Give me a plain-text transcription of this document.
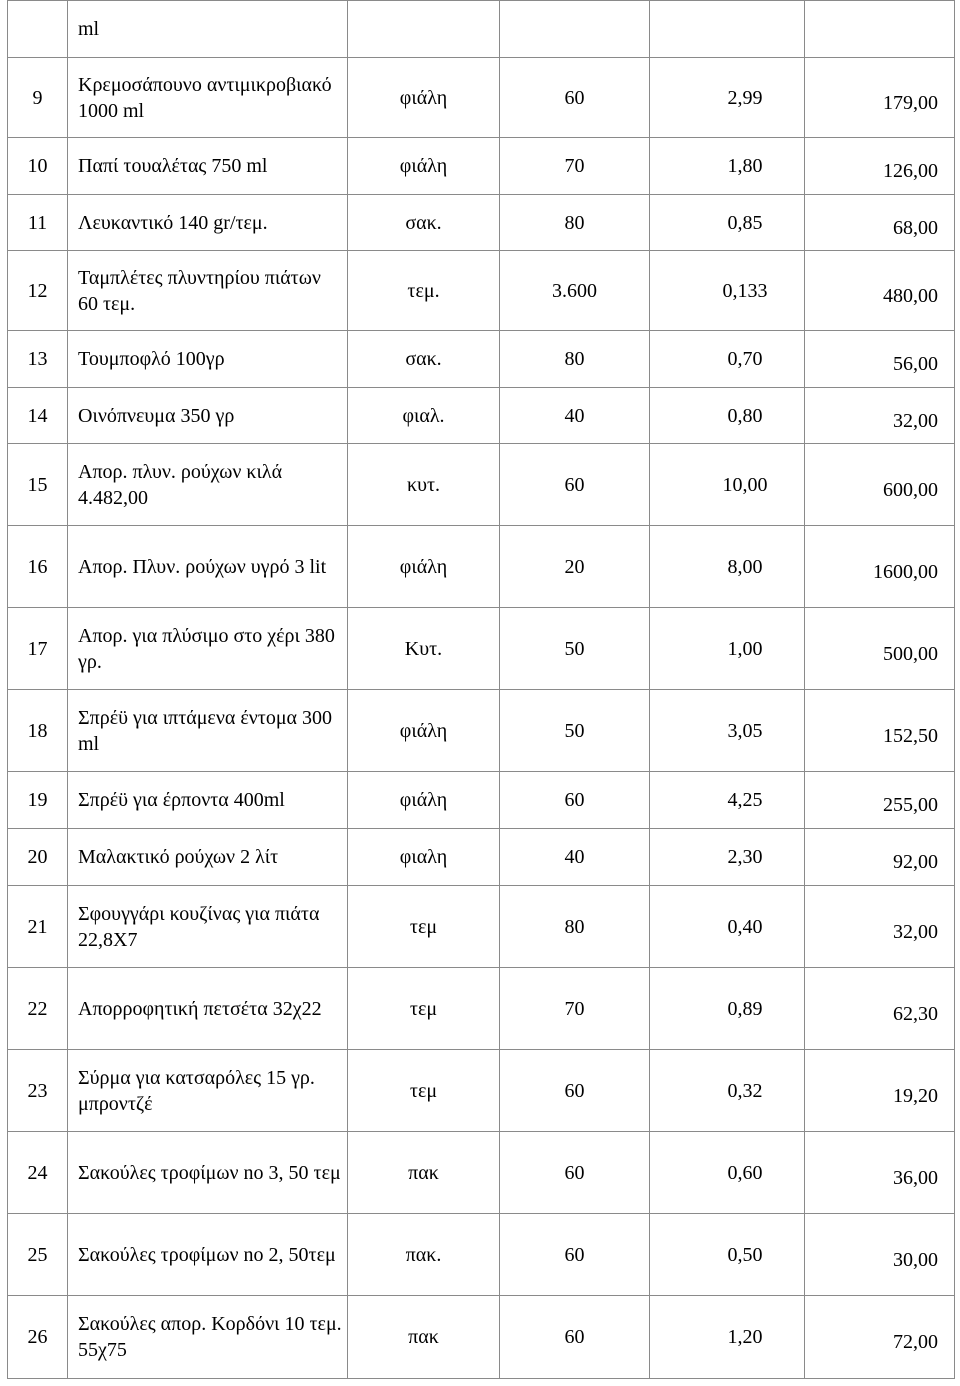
	ml				
9	Κρεμοσάπουνο αντιμικροβιακό 1000 ml	φιάλη	60	2,99	179,00
10	Παπί τουαλέτας 750 ml	φιάλη	70	1,80	126,00
11	Λευκαντικό 140 gr/τεμ.	σακ.	80	0,85	68,00
12	Ταμπλέτες πλυντηρίου πιάτων 60 τεμ.	τεμ.	3.600	0,133	480,00
13	Τουμποφλό 100γρ	σακ.	80	0,70	56,00
14	Οινόπνευμα 350 γρ	φιαλ.	40	0,80	32,00
15	Απορ. πλυν. ρούχων κιλά 4.482,00	κυτ.	60	10,00	600,00
16	Απορ. Πλυν. ρούχων υγρό 3 lit	φιάλη	20	8,00	1600,00
17	Απορ. για πλύσιμο στο χέρι 380 γρ.	Κυτ.	50	1,00	500,00
18	Σπρέϋ για ιπτάμενα έντομα 300 ml	φιάλη	50	3,05	152,50
19	Σπρέϋ για έρποντα 400ml	φιάλη	60	4,25	255,00
20	Μαλακτικό ρούχων 2 λίτ	φιαλη	40	2,30	92,00
21	Σφουγγάρι κουζίνας για πιάτα 22,8Χ7	τεμ	80	0,40	32,00
22	Απορροφητική πετσέτα 32χ22	τεμ	70	0,89	62,30
23	Σύρμα για κατσαρόλες 15 γρ. μπροντζέ	τεμ	60	0,32	19,20
24	Σακούλες τροφίμων no 3, 50 τεμ	πακ	60	0,60	36,00
25	Σακούλες τροφίμων no 2, 50τεμ	πακ.	60	0,50	30,00
26	Σακούλες απορ. Κορδόνι 10 τεμ. 55χ75	πακ	60	1,20	72,00
